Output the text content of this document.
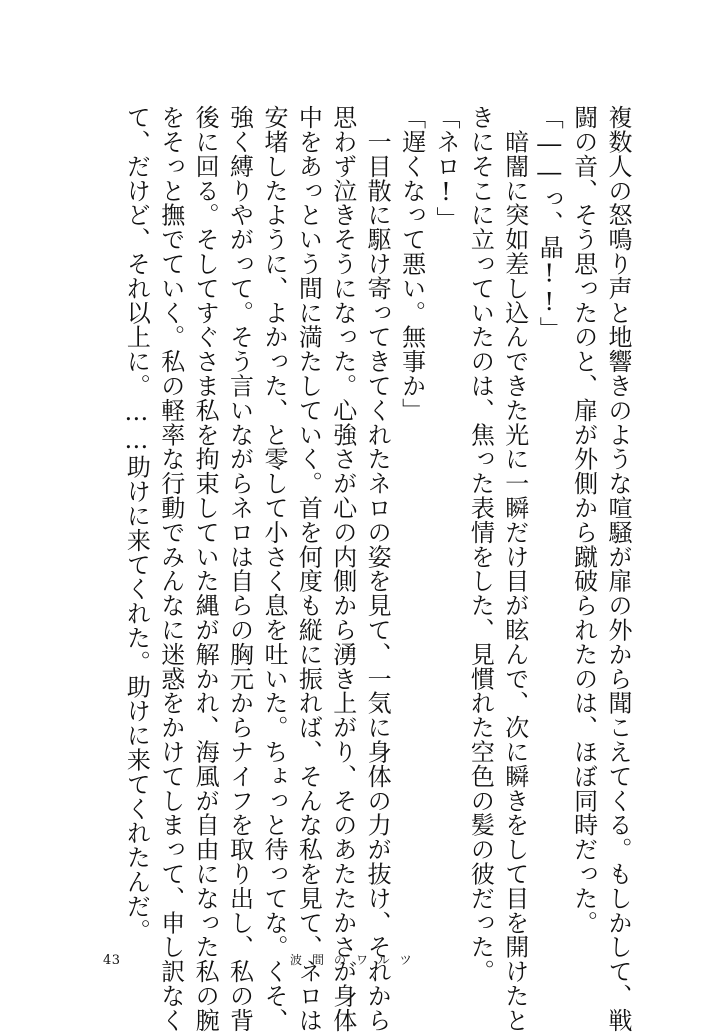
複数人の怒鳴り声と地響きのような喧騒が扉の外から聞こえてくる。もしかして、戦
闘の音、そう思ったのと、扉が外側から蹴破られたのは、ほぼ同時だった。
「――っ、晶!!」
　暗闇に突如差し込んできた光に一瞬だけ目が眩んで、次に瞬きをして目を開けたと
きにそこに立っていたのは、焦った表情をした、見慣れた空色の髪の彼だった。
「ネロ!」
「遅くなって悪い。無事か」
　一目散に駆け寄ってきてくれたネロの姿を見て、一気に身体の力が抜け、それから
思わず泣きそうになった。心強さが心の内側から湧き上がり、そのあたたかさが身体
中をあっという間に満たしていく。首を何度も縦に振れば、そんな私を見て、ネロは
安堵したように、よかった、と零して小さく息を吐いた。ちょっと待ってな。くそ、
強く縛りやがって。そう言いながらネロは自らの胸元からナイフを取り出し、私の背
後に回る。そしてすぐさま私を拘束していた縄が解かれ、海風が自由になった私の腕
をそっと撫でていく。私の軽率な行動でみんなに迷惑をかけてしまって、申し訳なく
て、だけど、それ以上に。……助けに来てくれた。助けに来てくれたんだ。
43	波間のワルツ
